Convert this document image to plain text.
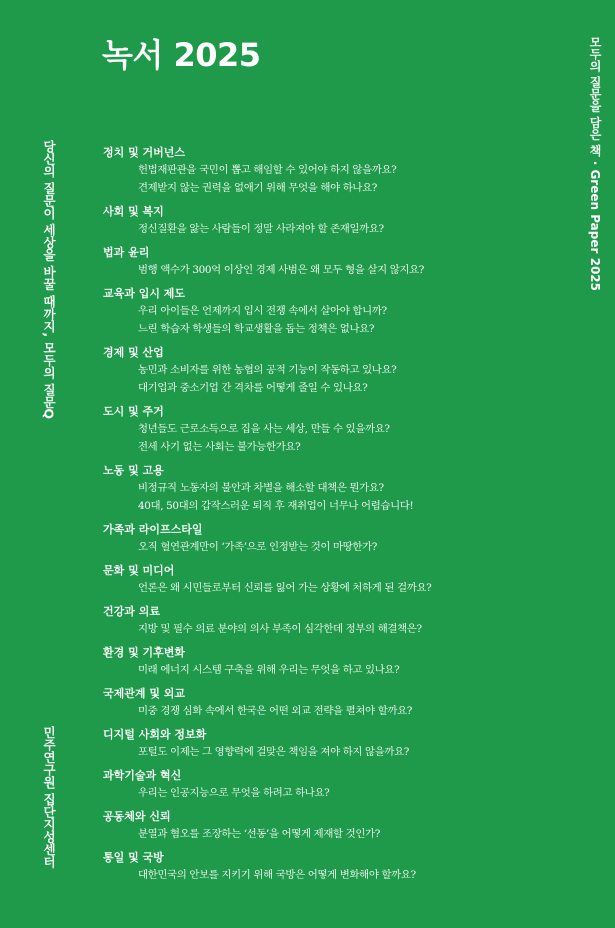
녹서 2025	모두의 질문을 담은 책 · Green Paper 2025
당신의 질문이 세상을 바꿀 때까지, 모두의 질문Q
민주연구원 집단지성센터
정치 및 거버넌스
헌법재판관을 국민이 뽑고 해임할 수 있어야 하지 않을까요?
견제받지 않는 권력을 없애기 위해 무엇을 해야 하나요?
사회 및 복지
정신질환을 앓는 사람들이 정말 사라져야 할 존재일까요?
법과 윤리
범행 액수가 300억 이상인 경제 사범은 왜 모두 형을 살지 않지요?
교육과 입시 제도
우리 아이들은 언제까지 입시 전쟁 속에서 살아야 합니까?
느린 학습자 학생들의 학교생활을 돕는 정책은 없나요?
경제 및 산업
농민과 소비자를 위한 농협의 공적 기능이 작동하고 있나요?
대기업과 중소기업 간 격차를 어떻게 줄일 수 있나요?
도시 및 주거
청년들도 근로소득으로 집을 사는 세상, 만들 수 있을까요?
전세 사기 없는 사회는 불가능한가요?
노동 및 고용
비정규직 노동자의 불안과 차별을 해소할 대책은 뭔가요?
40대, 50대의 갑작스러운 퇴직 후 재취업이 너무나 어렵습니다!
가족과 라이프스타일
오직 혈연관계만이 ‘가족’으로 인정받는 것이 마땅한가?
문화 및 미디어
언론은 왜 시민들로부터 신뢰를 잃어 가는 상황에 처하게 된 걸까요?
건강과 의료
지방 및 필수 의료 분야의 의사 부족이 심각한데 정부의 해결책은?
환경 및 기후변화
미래 에너지 시스템 구축을 위해 우리는 무엇을 하고 있나요?
국제관계 및 외교
미중 경쟁 심화 속에서 한국은 어떤 외교 전략을 펼쳐야 할까요?
디지털 사회와 정보화
포털도 이제는 그 영향력에 걸맞은 책임을 져야 하지 않을까요?
과학기술과 혁신
우리는 인공지능으로 무엇을 하려고 하나요?
공동체와 신뢰
분열과 혐오를 조장하는 ‘선동’을 어떻게 제재할 것인가?
통일 및 국방
대한민국의 안보를 지키기 위해 국방은 어떻게 변화해야 할까요?
